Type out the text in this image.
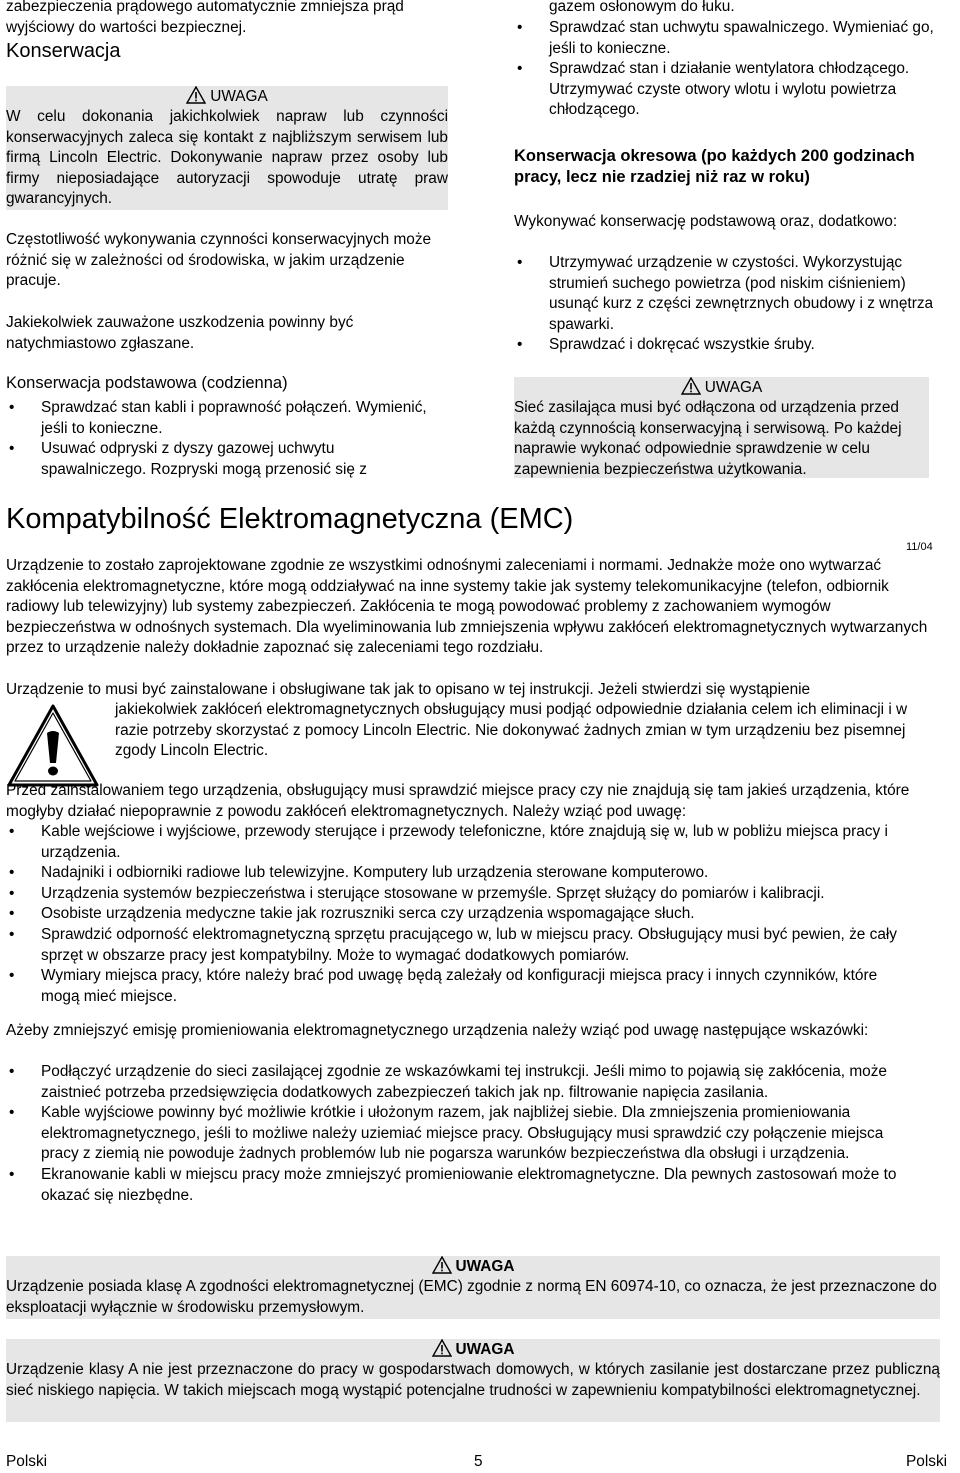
zabezpieczenia prądowego automatycznie zmniejsza prąd wyjściowy do wartości bezpiecznej.

Konserwacja
UWAGA

W celu dokonania jakichkolwiek napraw lub czynności konserwacyjnych zaleca się kontakt z najbliższym serwisem lub firmą Lincoln Electric. Dokonywanie napraw przez osoby lub firmy nieposiadające autoryzacji spowoduje utratę praw gwarancyjnych.

Częstotliwość wykonywania czynności konserwacyjnych może różnić się w zależności od środowiska, w jakim urządzenie pracuje.

Jakiekolwiek zauważone uszkodzenia powinny być natychmiastowo zgłaszane.

Konserwacja podstawowa (codzienna)
• Sprawdzać stan kabli i poprawność połączeń. Wymienić, jeśli to konieczne.
• Usuwać odpryski z dyszy gazowej uchwytu spawalniczego. Rozpryski mogą przenosić się z

gazem osłonowym do łuku.

• Sprawdzać stan uchwytu spawalniczego. Wymieniać go, jeśli to konieczne.
• Sprawdzać stan i działanie wentylatora chłodzącego. Utrzymywać czyste otwory wlotu i wylotu powietrza chłodzącego.
Konserwacja okresowa (po każdych 200 godzinach pracy, lecz nie rzadziej niż raz w roku)

Wykonywać konserwację podstawową oraz, dodatkowo:

• Utrzymywać urządzenie w czystości. Wykorzystując strumień suchego powietrza (pod niskim ciśnieniem) usunąć kurz z części zewnętrznych obudowy i z wnętrza spawarki.
• Sprawdzać i dokręcać wszystkie śruby.
UWAGA

Sieć zasilająca musi być odłączona od urządzenia przed każdą czynnością konserwacyjną i serwisową. Po każdej naprawie wykonać odpowiednie sprawdzenie w celu zapewnienia bezpieczeństwa użytkowania.

Kompatybilność Elektromagnetyczna (EMC)
11/04

Urządzenie to zostało zaprojektowane zgodnie ze wszystkimi odnośnymi zaleceniami i normami. Jednakże może ono wytwarzać zakłócenia elektromagnetyczne, które mogą oddziaływać na inne systemy takie jak systemy telekomunikacyjne (telefon, odbiornik radiowy lub telewizyjny) lub systemy zabezpieczeń. Zakłócenia te mogą powodować problemy z zachowaniem wymogów bezpieczeństwa w odnośnych systemach. Dla wyeliminowania lub zmniejszenia wpływu zakłóceń elektromagnetycznych wytwarzanych przez to urządzenie należy dokładnie zapoznać się zaleceniami tego rozdziału.

Urządzenie to musi być zainstalowane i obsługiwane tak jak to opisano w tej instrukcji. Jeżeli stwierdzi się wystąpienie

jakiekolwiek zakłóceń elektromagnetycznych obsługujący musi podjąć odpowiednie działania celem ich eliminacji i w razie potrzeby skorzystać z pomocy Lincoln Electric. Nie dokonywać żadnych zmian w tym urządzeniu bez pisemnej zgody Lincoln Electric.

Przed zainstalowaniem tego urządzenia, obsługujący musi sprawdzić miejsce pracy czy nie znajdują się tam jakieś urządzenia, które mogłyby działać niepoprawnie z powodu zakłóceń elektromagnetycznych. Należy wziąć pod uwagę:

• Kable wejściowe i wyjściowe, przewody sterujące i przewody telefoniczne, które znajdują się w, lub w pobliżu miejsca pracy i urządzenia.
• Nadajniki i odbiorniki radiowe lub telewizyjne. Komputery lub urządzenia sterowane komputerowo.
• Urządzenia systemów bezpieczeństwa i sterujące stosowane w przemyśle. Sprzęt służący do pomiarów i kalibracji.
• Osobiste urządzenia medyczne takie jak rozruszniki serca czy urządzenia wspomagające słuch.
• Sprawdzić odporność elektromagnetyczną sprzętu pracującego w, lub w miejscu pracy. Obsługujący musi być pewien, że cały sprzęt w obszarze pracy jest kompatybilny. Może to wymagać dodatkowych pomiarów.
• Wymiary miejsca pracy, które należy brać pod uwagę będą zależały od konfiguracji miejsca pracy i innych czynników, które mogą mieć miejsce.

Ażeby zmniejszyć emisję promieniowania elektromagnetycznego urządzenia należy wziąć pod uwagę następujące wskazówki:

• Podłączyć urządzenie do sieci zasilającej zgodnie ze wskazówkami tej instrukcji. Jeśli mimo to pojawią się zakłócenia, może zaistnieć potrzeba przedsięwzięcia dodatkowych zabezpieczeń takich jak np. filtrowanie napięcia zasilania.
• Kable wyjściowe powinny być możliwie krótkie i ułożonym razem, jak najbliżej siebie. Dla zmniejszenia promieniowania elektromagnetycznego, jeśli to możliwe należy uziemiać miejsce pracy. Obsługujący musi sprawdzić czy połączenie miejsca pracy z ziemią nie powoduje żadnych problemów lub nie pogarsza warunków bezpieczeństwa dla obsługi i urządzenia.
• Ekranowanie kabli w miejscu pracy może zmniejszyć promieniowanie elektromagnetyczne. Dla pewnych zastosowań może to okazać się niezbędne.
UWAGA

Urządzenie posiada klasę A zgodności elektromagnetycznej (EMC) zgodnie z normą EN 60974-10, co oznacza, że jest przeznaczone do eksploatacji wyłącznie w środowisku przemysłowym.

UWAGA

Urządzenie klasy A nie jest przeznaczone do pracy w gospodarstwach domowych, w których zasilanie jest dostarczane przez publiczną sieć niskiego napięcia. W takich miejscach mogą wystąpić potencjalne trudności w zapewnieniu kompatybilności elektromagnetycznej.

Polski	5	Polski
